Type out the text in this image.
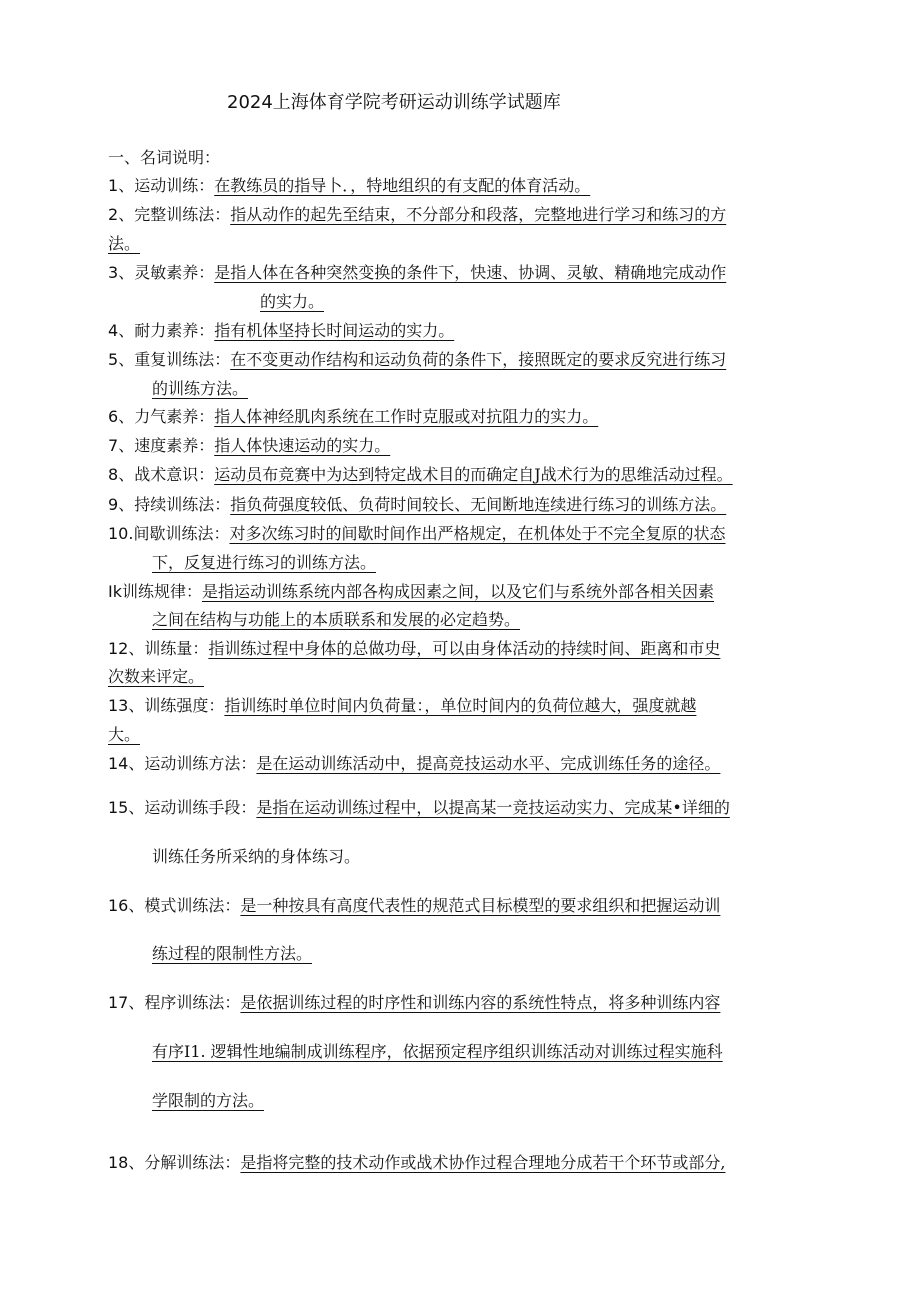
2024上海体育学院考研运动训练学试题库
一、名词说明：
1、运动训练：在教练员的指导卜．，特地组织的有支配的体育活动。
2、完整训练法：指从动作的起先至结束，不分部分和段落，完整地进行学习和练习的方
法。
3、灵敏素养：是指人体在各种突然变换的条件下，快速、协调、灵敏、精确地完成动作
的实力。
4、耐力素养：指有机体坚持长时间运动的实力。
5、重复训练法：在不变更动作结构和运动负荷的条件下，接照既定的要求反究进行练习
的训练方法。
6、力气素养：指人体神经肌肉系统在工作时克服或对抗阻力的实力。
7、速度素养：指人体快速运动的实力。
8、战术意识：运动员布竞赛中为达到特定战术目的而确定自J战术行为的思维活动过程。
9、持续训练法：指负荷强度较低、负荷时间较长、无间断地连续进行练习的训练方法。
10.间歇训练法：对多次练习时的间歇时间作出严格规定，在机体处于不完全复原的状态
下，反复进行练习的训练方法。
Ik训练规律：是指运动训练系统内部各构成因素之间，以及它们与系统外部各相关因素
之间在结构与功能上的本质联系和发展的必定趋势。
12、训练量：指训练过程中身体的总做功母，可以由身体活动的持续时间、距离和市史
次数来评定。
13、训练强度：指训练时单位时间内负荷量：，单位时间内的负荷位越大，强度就越
大。
14、运动训练方法：是在运动训练活动中，提高竞技运动水平、完成训练任务的途径。
15、运动训练手段：是指在运动训练过程中，以提高某一竞技运动实力、完成某•详细的
训练任务所采纳的身体练习。
16、模式训练法：是一种按具有高度代表性的规范式目标模型的要求组织和把握运动训
练过程的限制性方法。
17、程序训练法：是依据训练过程的时序性和训练内容的系统性特点，将多种训练内容
有序I1. 逻辑性地编制成训练程序，依据预定程序组织训练活动对训练过程实施科
学限制的方法。
18、分解训练法：是指将完整的技术动作或战术协作过程合理地分成若干个环节或部分,
